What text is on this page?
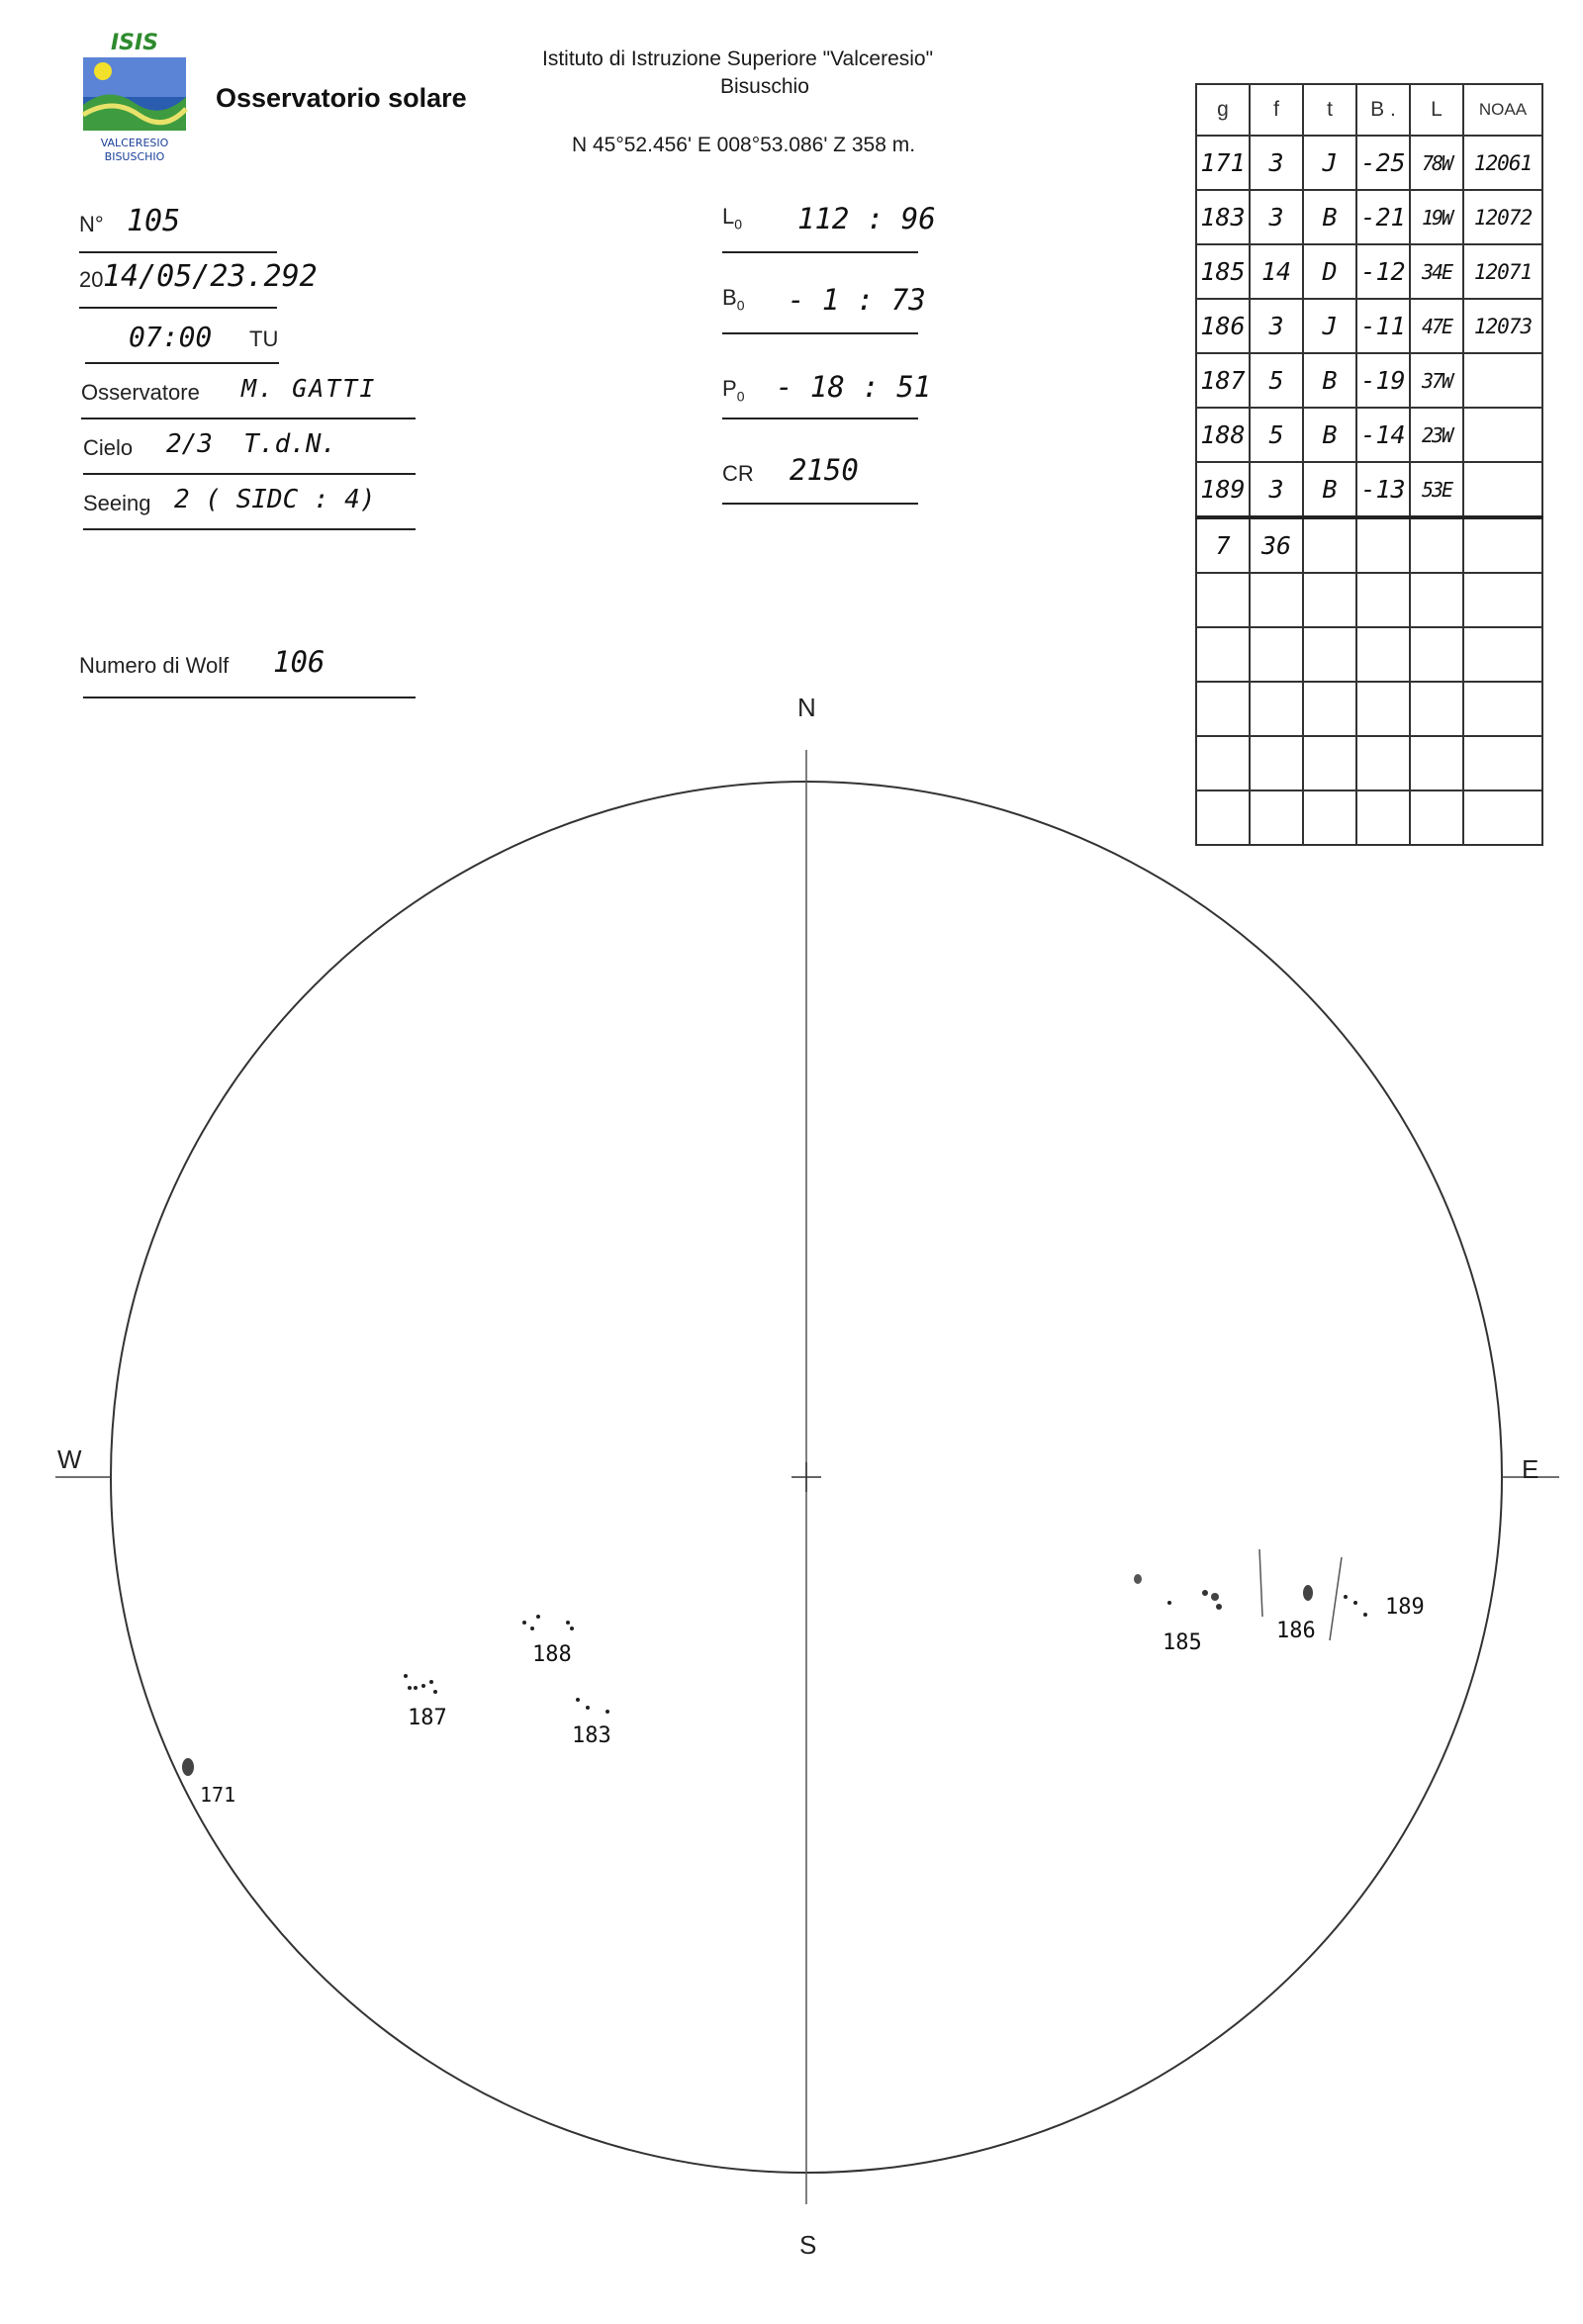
ISIS
VALCERESIO
BISUSCHIO
Osservatorio solare
Istituto di Istruzione Superiore "Valceresio"
Bisuschio
N 45°52.456' E 008°53.086' Z 358 m.
N° 105
20 14/05/23.292
07:00 TU
Osservatore M. GATTI
Cielo 2/3  T.d.N.
Seeing 2 ( SIDC : 4)
Numero di Wolf 106
$L_0$ 112 : 96
$B_0 - 1$ : 73
$P_0 - 18$ : 51
CR 2150
g	f	t	B .	L	NOAA
171	3	J	-25	78W	12061
183	3	B	-21	19W	12072
185	14	D	-12	34E	12071
186	3	J	-11	47E	12073
187	5	B	-19	37W	
188	5	B	-14	23W	
189	3	B	-13	53E	
7	36				

N
S
W	E
171
183
185	186
187
188
189
